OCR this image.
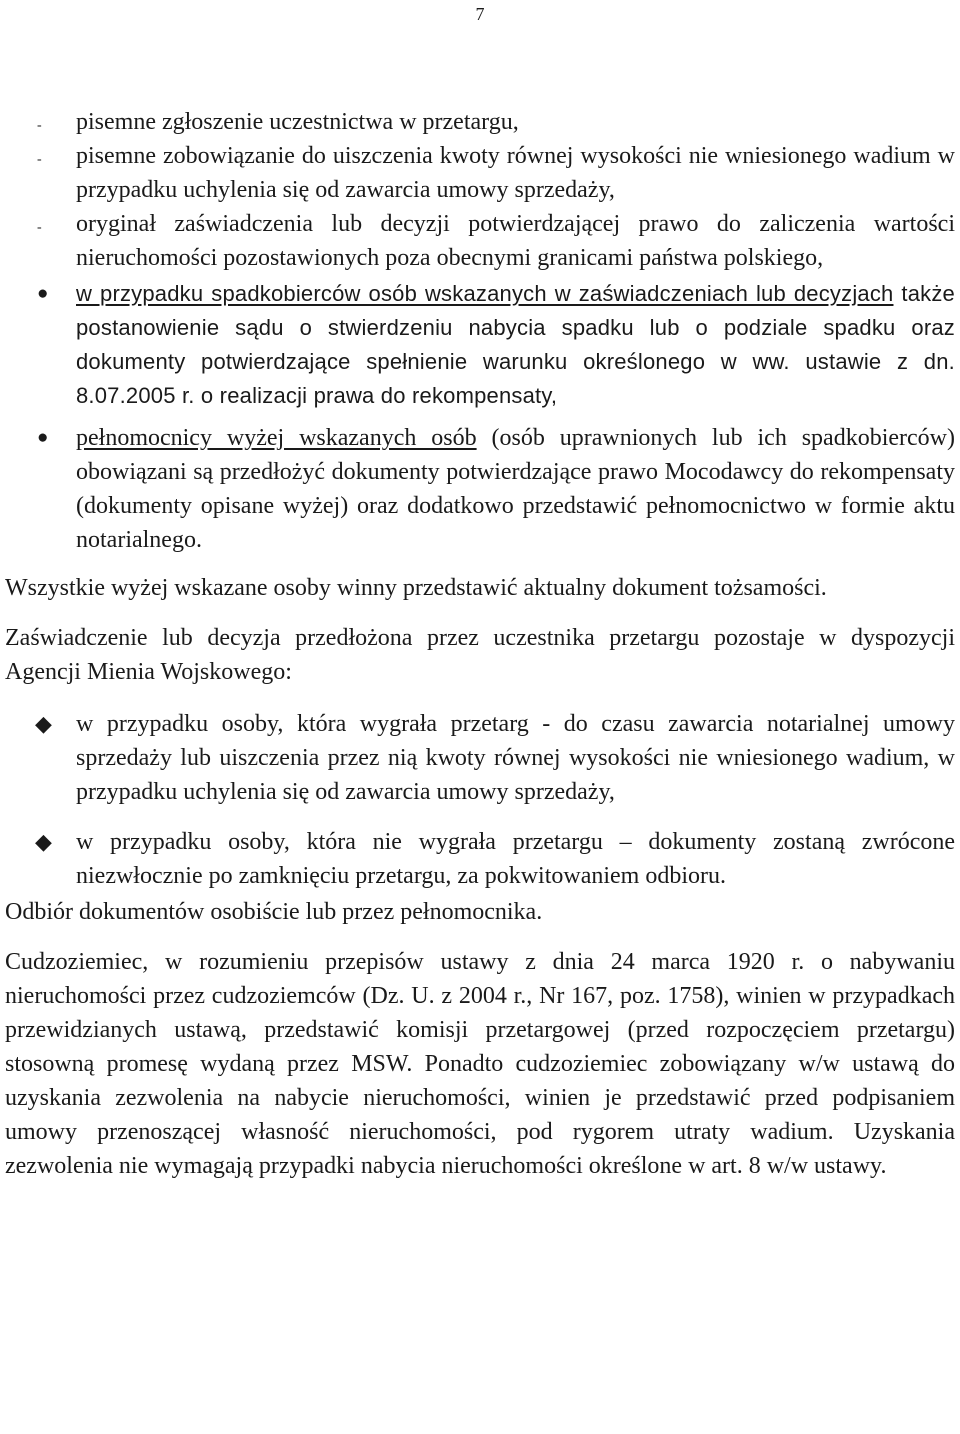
7
-	pisemne zgłoszenie uczestnictwa w przetargu,
-	pisemne zobowiązanie do uiszczenia kwoty równej wysokości nie wniesionego wadium w przypadku uchylenia się od zawarcia umowy sprzedaży,
-	oryginał zaświadczenia lub decyzji potwierdzającej prawo do zaliczenia wartości nieruchomości pozostawionych poza obecnymi granicami państwa polskiego,
●	w przypadku spadkobierców osób wskazanych w zaświadczeniach lub decyzjach także postanowienie sądu o stwierdzeniu nabycia spadku lub o podziale spadku oraz dokumenty potwierdzające spełnienie warunku określonego w ww. ustawie z dn. 8.07.2005 r. o realizacji prawa do rekompensaty,
●	pełnomocnicy wyżej wskazanych osób (osób uprawnionych lub ich spadkobierców) obowiązani są przedłożyć dokumenty potwierdzające prawo Mocodawcy do rekompensaty (dokumenty opisane wyżej) oraz dodatkowo przedstawić pełnomocnictwo w formie aktu notarialnego.

Wszystkie wyżej wskazane osoby winny przedstawić aktualny dokument tożsamości.

Zaświadczenie lub decyzja przedłożona przez uczestnika przetargu pozostaje w dyspozycji Agencji Mienia Wojskowego:

◆	w przypadku osoby, która wygrała przetarg - do czasu zawarcia notarialnej umowy sprzedaży lub uiszczenia przez nią kwoty równej wysokości nie wniesionego wadium, w przypadku uchylenia się od zawarcia umowy sprzedaży,
◆	w przypadku osoby, która nie wygrała przetargu – dokumenty zostaną zwrócone niezwłocznie po zamknięciu przetargu, za pokwitowaniem odbioru.

Odbiór dokumentów osobiście lub przez pełnomocnika.

Cudzoziemiec, w rozumieniu przepisów ustawy z dnia 24 marca 1920 r. o nabywaniu nieruchomości przez cudzoziemców (Dz. U. z 2004 r., Nr 167, poz. 1758), winien w przypadkach przewidzianych ustawą, przedstawić komisji przetargowej (przed rozpoczęciem przetargu) stosowną promesę wydaną przez MSW. Ponadto cudzoziemiec zobowiązany w/w ustawą do uzyskania zezwolenia na nabycie nieruchomości, winien je przedstawić przed podpisaniem umowy przenoszącej własność nieruchomości, pod rygorem utraty wadium. Uzyskania zezwolenia nie wymagają przypadki nabycia nieruchomości określone w art. 8 w/w ustawy.
